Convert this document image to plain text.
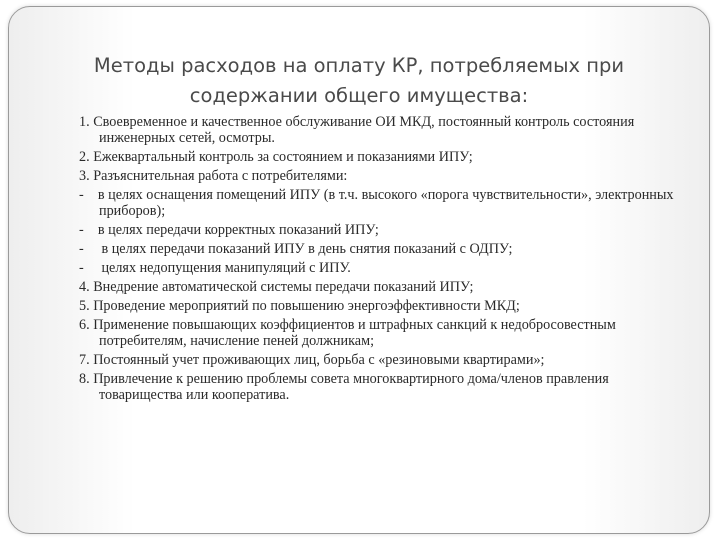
Методы расходов на оплату КР, потребляемых при
содержании общего имущества:

1. Своевременное и качественное обслуживание ОИ МКД, постоянный контроль состояния инженерных сетей, осмотры.

2. Ежеквартальный контроль за состоянием и показаниями ИПУ;

3. Разъяснительная работа с потребителями:

-    в целях оснащения помещений ИПУ (в т.ч. высокого «порога чувствительности», электронных приборов);

-    в целях передачи корректных показаний ИПУ;

-     в целях передачи показаний ИПУ в день снятия показаний с ОДПУ;

-     целях недопущения манипуляций с ИПУ.

4. Внедрение автоматической системы передачи показаний ИПУ;

5. Проведение мероприятий по повышению энергоэффективности МКД;

6. Применение повышающих коэффициентов и штрафных санкций к недобросовестным потребителям, начисление пеней должникам;

7. Постоянный учет проживающих лиц, борьба с «резиновыми квартирами»;

8. Привлечение к решению проблемы совета многоквартирного дома/членов правления товарищества или кооператива.
